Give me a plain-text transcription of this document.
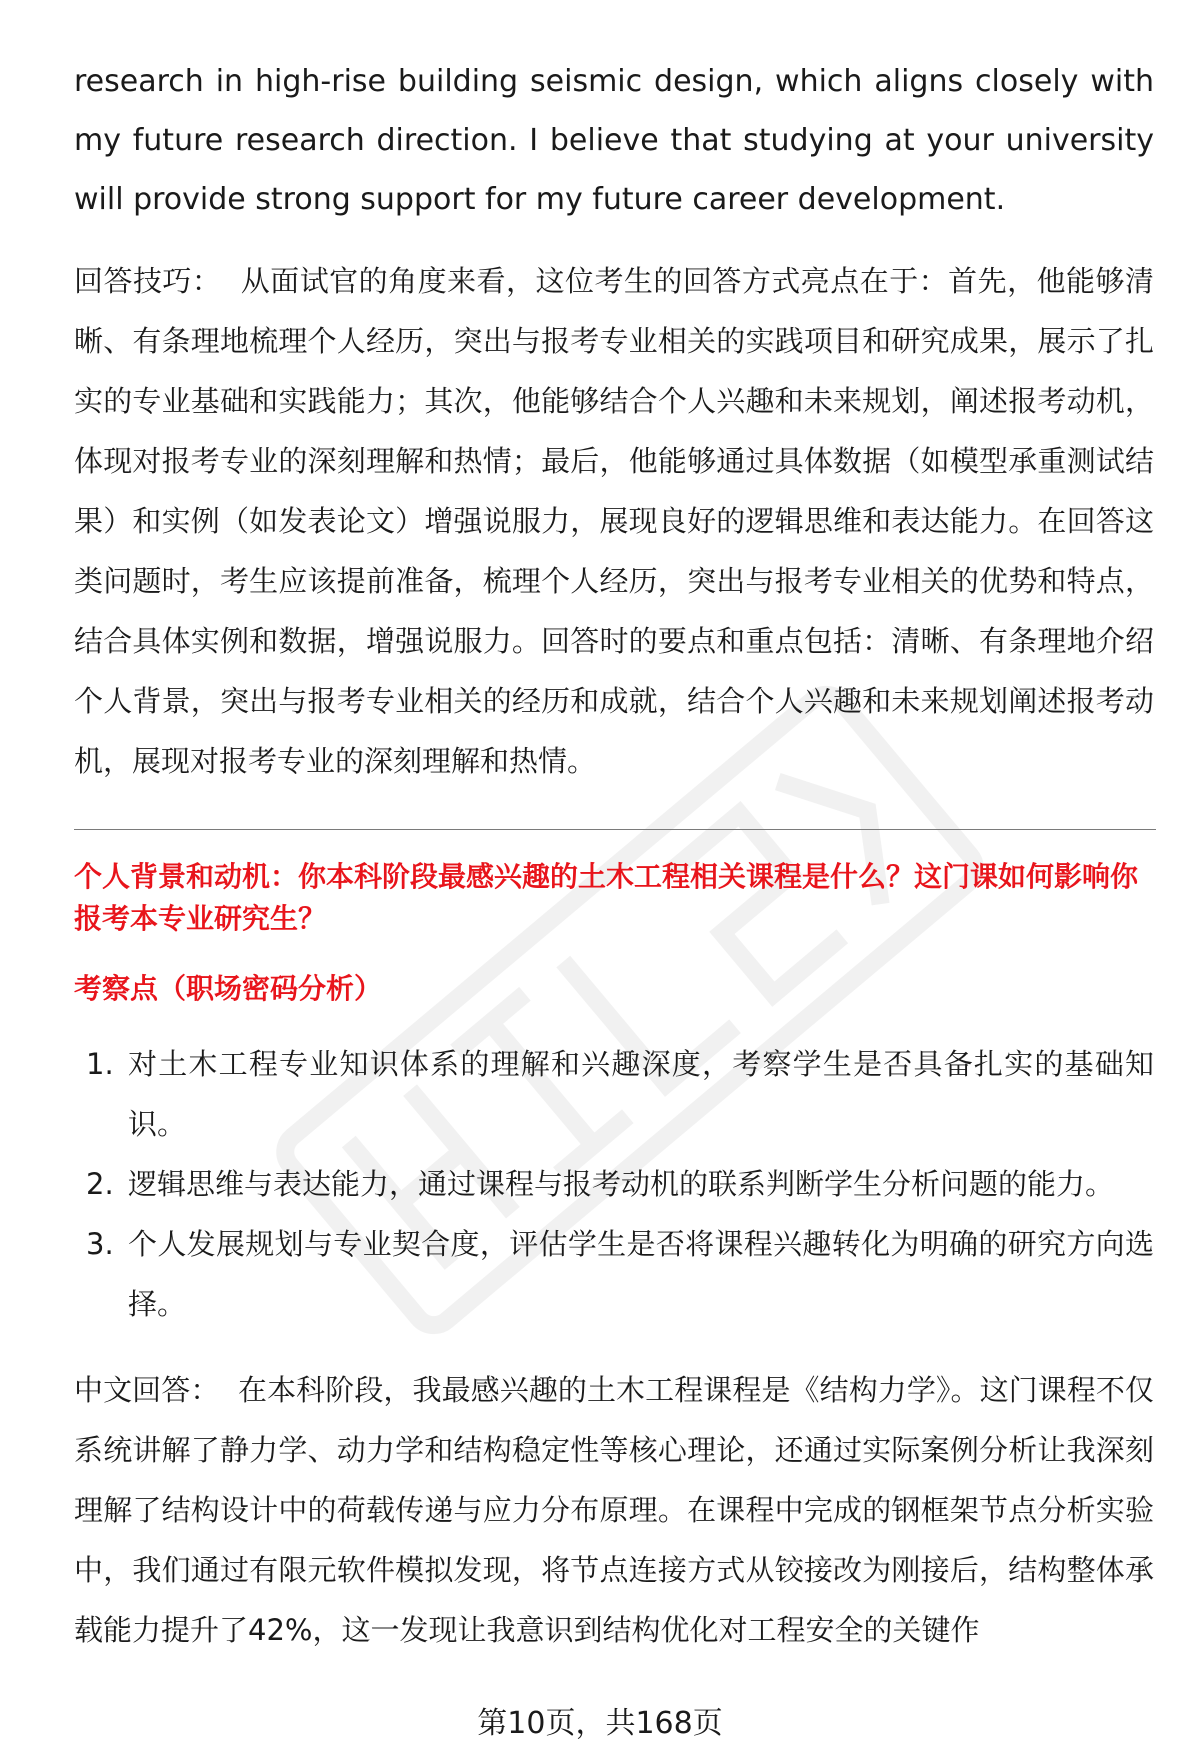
research in high-rise building seismic design, which aligns closely with my future research direction. I believe that studying at your university will provide strong support for my future career development.

回答技巧： 从面试官的角度来看，这位考生的回答方式亮点在于：首先，他能够清晰、有条理地梳理个人经历，突出与报考专业相关的实践项目和研究成果，展示了扎实的专业基础和实践能力；其次，他能够结合个人兴趣和未来规划，阐述报考动机，体现对报考专业的深刻理解和热情；最后，他能够通过具体数据（如模型承重测试结果）和实例（如发表论文）增强说服力，展现良好的逻辑思维和表达能力。在回答这类问题时，考生应该提前准备，梳理个人经历，突出与报考专业相关的优势和特点，结合具体实例和数据，增强说服力。回答时的要点和重点包括：清晰、有条理地介绍个人背景，突出与报考专业相关的经历和成就，结合个人兴趣和未来规划阐述报考动机，展现对报考专业的深刻理解和热情。

个人背景和动机：你本科阶段最感兴趣的土木工程相关课程是什么？这门课如何影响你报考本专业研究生？

考察点（职场密码分析）

1. 对土木工程专业知识体系的理解和兴趣深度，考察学生是否具备扎实的基础知识。
2. 逻辑思维与表达能力，通过课程与报考动机的联系判断学生分析问题的能力。
3. 个人发展规划与专业契合度，评估学生是否将课程兴趣转化为明确的研究方向选择。

中文回答： 在本科阶段，我最感兴趣的土木工程课程是《结构力学》。这门课程不仅系统讲解了静力学、动力学和结构稳定性等核心理论，还通过实际案例分析让我深刻理解了结构设计中的荷载传递与应力分布原理。在课程中完成的钢框架节点分析实验中，我们通过有限元软件模拟发现，将节点连接方式从铰接改为刚接后，结构整体承载能力提升了42%，这一发现让我意识到结构优化对工程安全的关键作

第10页，共168页
